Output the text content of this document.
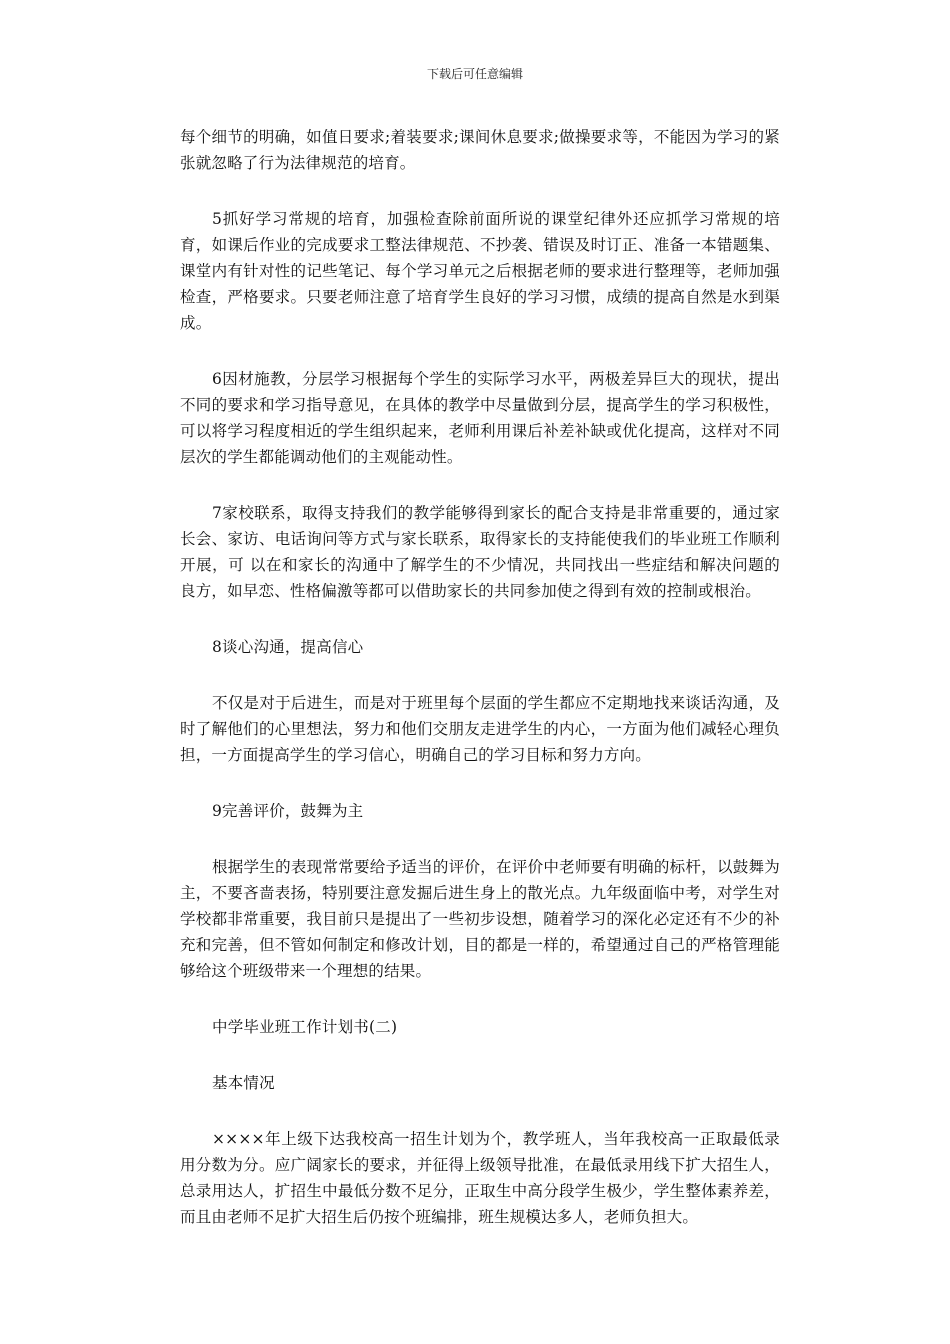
下载后可任意编辑

每个细节的明确，如值日要求;着装要求;课间休息要求;做操要求等，不能因为学习的紧张就忽略了行为法律规范的培育。

5抓好学习常规的培育，加强检查除前面所说的课堂纪律外还应抓学习常规的培育，如课后作业的完成要求工整法律规范、不抄袭、错误及时订正、准备一本错题集、课堂内有针对性的记些笔记、每个学习单元之后根据老师的要求进行整理等，老师加强检查，严格要求。只要老师注意了培育学生良好的学习习惯，成绩的提高自然是水到渠成。

6因材施教，分层学习根据每个学生的实际学习水平，两极差异巨大的现状，提出不同的要求和学习指导意见，在具体的教学中尽量做到分层，提高学生的学习积极性，可以将学习程度相近的学生组织起来，老师利用课后补差补缺或优化提高，这样对不同层次的学生都能调动他们的主观能动性。

7家校联系，取得支持我们的教学能够得到家长的配合支持是非常重要的，通过家长会、家访、电话询问等方式与家长联系，取得家长的支持能使我们的毕业班工作顺利开展，可 以在和家长的沟通中了解学生的不少情况，共同找出一些症结和解决问题的良方，如早恋、性格偏激等都可以借助家长的共同参加使之得到有效的控制或根治。

8谈心沟通，提高信心

不仅是对于后进生，而是对于班里每个层面的学生都应不定期地找来谈话沟通，及时了解他们的心里想法，努力和他们交朋友走进学生的内心，一方面为他们减轻心理负担，一方面提高学生的学习信心，明确自己的学习目标和努力方向。

9完善评价，鼓舞为主

根据学生的表现常常要给予适当的评价，在评价中老师要有明确的标杆，以鼓舞为主，不要吝啬表扬，特别要注意发掘后进生身上的散光点。九年级面临中考，对学生对学校都非常重要，我目前只是提出了一些初步设想，随着学习的深化必定还有不少的补充和完善，但不管如何制定和修改计划，目的都是一样的，希望通过自己的严格管理能够给这个班级带来一个理想的结果。

中学毕业班工作计划书(二)

基本情况

××××年上级下达我校高一招生计划为个，教学班人，当年我校高一正取最低录用分数为分。应广阔家长的要求，并征得上级领导批准，在最低录用线下扩大招生人，总录用达人，扩招生中最低分数不足分，正取生中高分段学生极少，学生整体素养差，而且由老师不足扩大招生后仍按个班编排，班生规模达多人，老师负担大。
